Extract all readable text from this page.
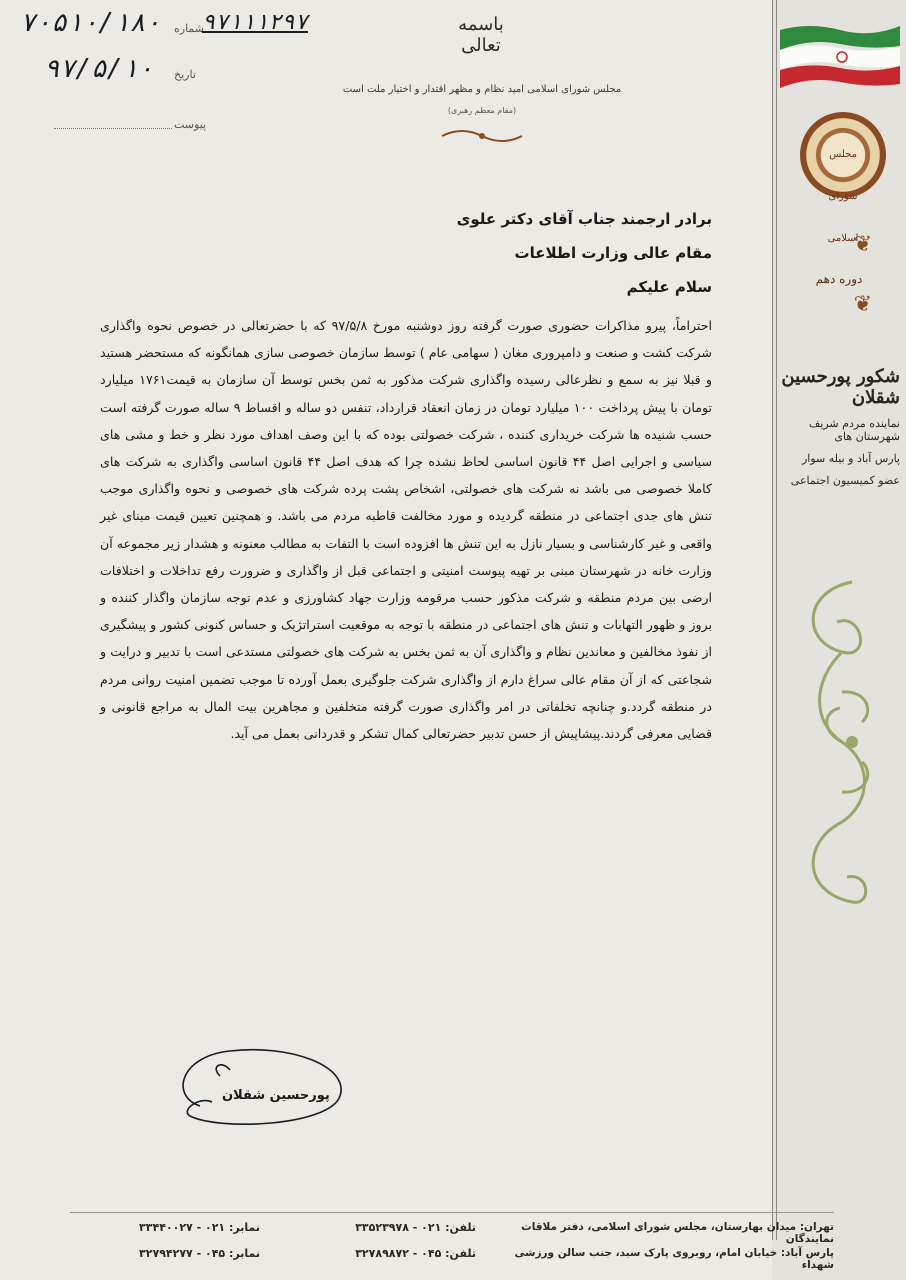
مجلس شورای اسلامی
❦
دوره دهم
❦
شکور پورحسین شقلان
نماینده مردم شریف شهرستان های
پارس آباد و بیله سوار
عضو کمیسیون اجتماعی
باسمه تعالی
مجلس شورای اسلامی امید نظام و مظهر اقتدار و اختیار ملت است
(مقام معظم رهبری)
۷۰۵۱۰/۱۸۰ شماره
۹۷۱۱۱۲۹۷
۹۷/۵/۱۰ تاریخ
پیوست

برادر ارجمند جناب آقای دکتر علوی

مقام عالی وزارت اطلاعات

سلام علیکم

احتراماً، پیرو مذاکرات حضوری صورت گرفته روز دوشنبه مورخ ۹۷/۵/۸ که با حضرتعالی در خصوص نحوه واگذاری شرکت کشت و صنعت و دامپروری مغان ( سهامی عام ) توسط سازمان خصوصی سازی همانگونه که مستحضر هستید و قبلا نیز به سمع و نظرعالی رسیده واگذاری شرکت مذکور به ثمن بخس توسط آن سازمان به قیمت۱۷۶۱ میلیارد تومان با پیش پرداخت ۱۰۰ میلیارد تومان در زمان انعقاد قرارداد، تنفس دو ساله و اقساط ۹ ساله صورت گرفته است حسب شنیده ها شرکت خریداری کننده ، شرکت خصولتی بوده که با این وصف اهداف مورد نظر و خط و مشی های سیاسی و اجرایی اصل ۴۴ قانون اساسی لحاظ نشده چرا که هدف اصل ۴۴ قانون اساسی واگذاری به شرکت های کاملا خصوصی می باشد نه شرکت های خصولتی، اشخاص پشت پرده شرکت های خصوصی و نحوه واگذاری موجب تنش های جدی اجتماعی در منطقه گردیده و مورد مخالفت قاطبه مردم می باشد. و همچنین تعیین قیمت مبنای غیر واقعی و غیر کارشناسی و بسیار نازل به این تنش ها افزوده است با التفات به مطالب معنونه و هشدار زیر مجموعه آن وزارت خانه در شهرستان مبنی بر تهیه پیوست امنیتی و اجتماعی قبل از واگذاری و ضرورت رفع تداخلات و اختلافات ارضی بین مردم منطقه و شرکت مذکور حسب مرقومه وزارت جهاد کشاورزی و عدم توجه سازمان واگذار کننده و بروز و ظهور التهابات و تنش های اجتماعی در منطقه با توجه به موقعیت استراتژیک و حساس کنونی کشور و پیشگیری از نفوذ مخالفین و معاندین نظام و واگذاری آن به ثمن بخس به شرکت های خصولتی مستدعی است با تدبیر و درایت و شجاعتی که از آن مقام عالی سراغ دارم از واگذاری شرکت جلوگیری بعمل آورده تا موجب تضمین امنیت روانی مردم در منطقه گردد.و چنانچه تخلفاتی در امر واگذاری صورت گرفته متخلفین و مجاهرین بیت المال به مراجع قانونی و قضایی معرفی گردند.پیشاپیش از حسن تدبیر حضرتعالی کمال تشکر و قدردانی بعمل می آید.
پورحسین شقلان
تهران: میدان بهارستان، مجلس شورای اسلامی، دفتر ملاقات نمایندگان
تلفن: ۰۲۱ - ۳۳۵۲۳۹۷۸
نمابر: ۰۲۱ - ۳۳۴۴۰۰۲۷
پارس آباد: خیابان امام، روبروی پارک سبد، جنب سالن ورزشی شهداء
تلفن: ۰۴۵ - ۳۲۷۸۹۸۷۲
نمابر: ۰۴۵ - ۳۲۷۹۴۲۷۷
